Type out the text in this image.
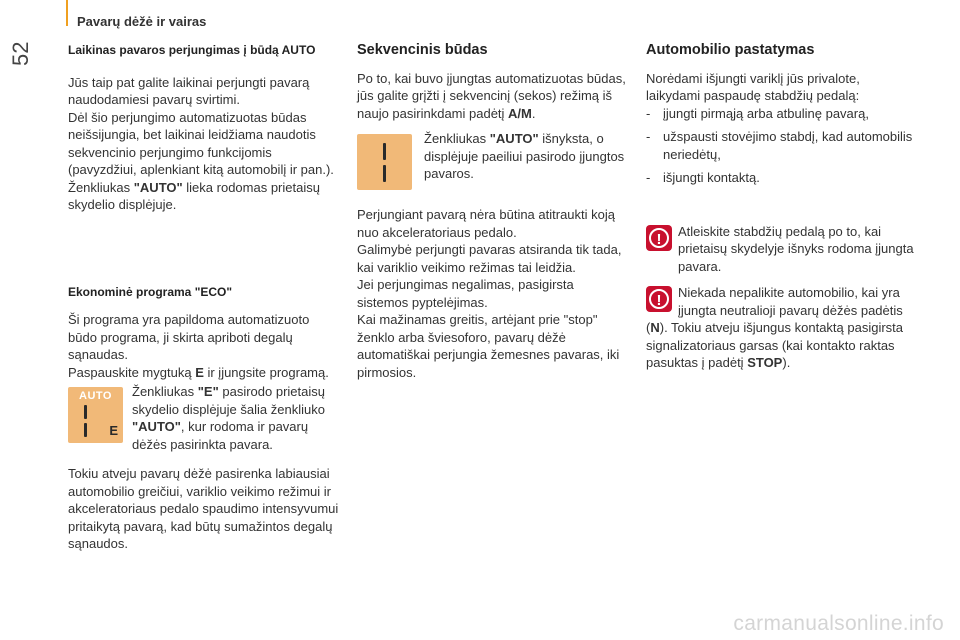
Pavarų dėžė ir vairas
52	Laikinas pavaros perjungimas į būdą AUTO

Jūs taip pat galite laikinai perjungti pavarą naudodamiesi pavarų svirtimi.

Dėl šio perjungimo automatizuotas būdas neišsijungia, bet laikinai leidžiama naudotis sekvencinio perjungimo funkcijomis (pavyzdžiui, aplenkiant kitą automobilį ir pan.).

Ženkliukas "AUTO" lieka rodomas prietaisų skydelio displėjuje.

Ekonominė programa "ECO"

Ši programa yra papildoma automatizuoto būdo programa, ji skirta apriboti degalų sąnaudas.

Paspauskite mygtuką E ir įjungsite programą.

AUTO
E
Ženkliukas "E" pasirodo prietaisų skydelio displėjuje šalia ženkliuko "AUTO", kur rodoma ir pavarų dėžės pasirinkta pavara.

Tokiu atveju pavarų dėžė pasirenka labiausiai automobilio greičiui, variklio veikimo režimui ir akceleratoriaus pedalo spaudimo intensyvumui pritaikytą pavarą, kad būtų sumažintos degalų sąnaudos.

Sekvencinis būdas

Po to, kai buvo įjungtas automatizuotas būdas, jūs galite grįžti į sekvencinį (sekos) režimą iš naujo pasirinkdami padėtį A/M.

Ženkliukas "AUTO" išnyksta, o displėjuje paeiliui pasirodo įjungtos pavaros.

Perjungiant pavarą nėra būtina atitraukti koją nuo akceleratoriaus pedalo.

Galimybė perjungti pavaras atsiranda tik tada, kai variklio veikimo režimas tai leidžia.

Jei perjungimas negalimas, pasigirsta sistemos pyptelėjimas.

Kai mažinamas greitis, artėjant prie "stop" ženklo arba šviesoforo, pavarų dėžė automatiškai perjungia žemesnes pavaras, iki pirmosios.

Automobilio pastatymas

Norėdami išjungti variklį jūs privalote, laikydami paspaudę stabdžių pedalą:

- įjungti pirmąją arba atbulinę pavarą,
- užspausti stovėjimo stabdį, kad automobilis neriedėtų,
- išjungti kontaktą.
!	Atleiskite stabdžių pedalą po to, kai prietaisų skydelyje išnyks rodoma įjungta pavara.

!	Niekada nepalikite automobilio, kai yra įjungta neutralioji pavarų dėžės padėtis (N). Tokiu atveju išjungus kontaktą pasigirsta signalizatoriaus garsas (kai kontakto raktas pasuktas į padėtį STOP).

carmanualsonline.info
